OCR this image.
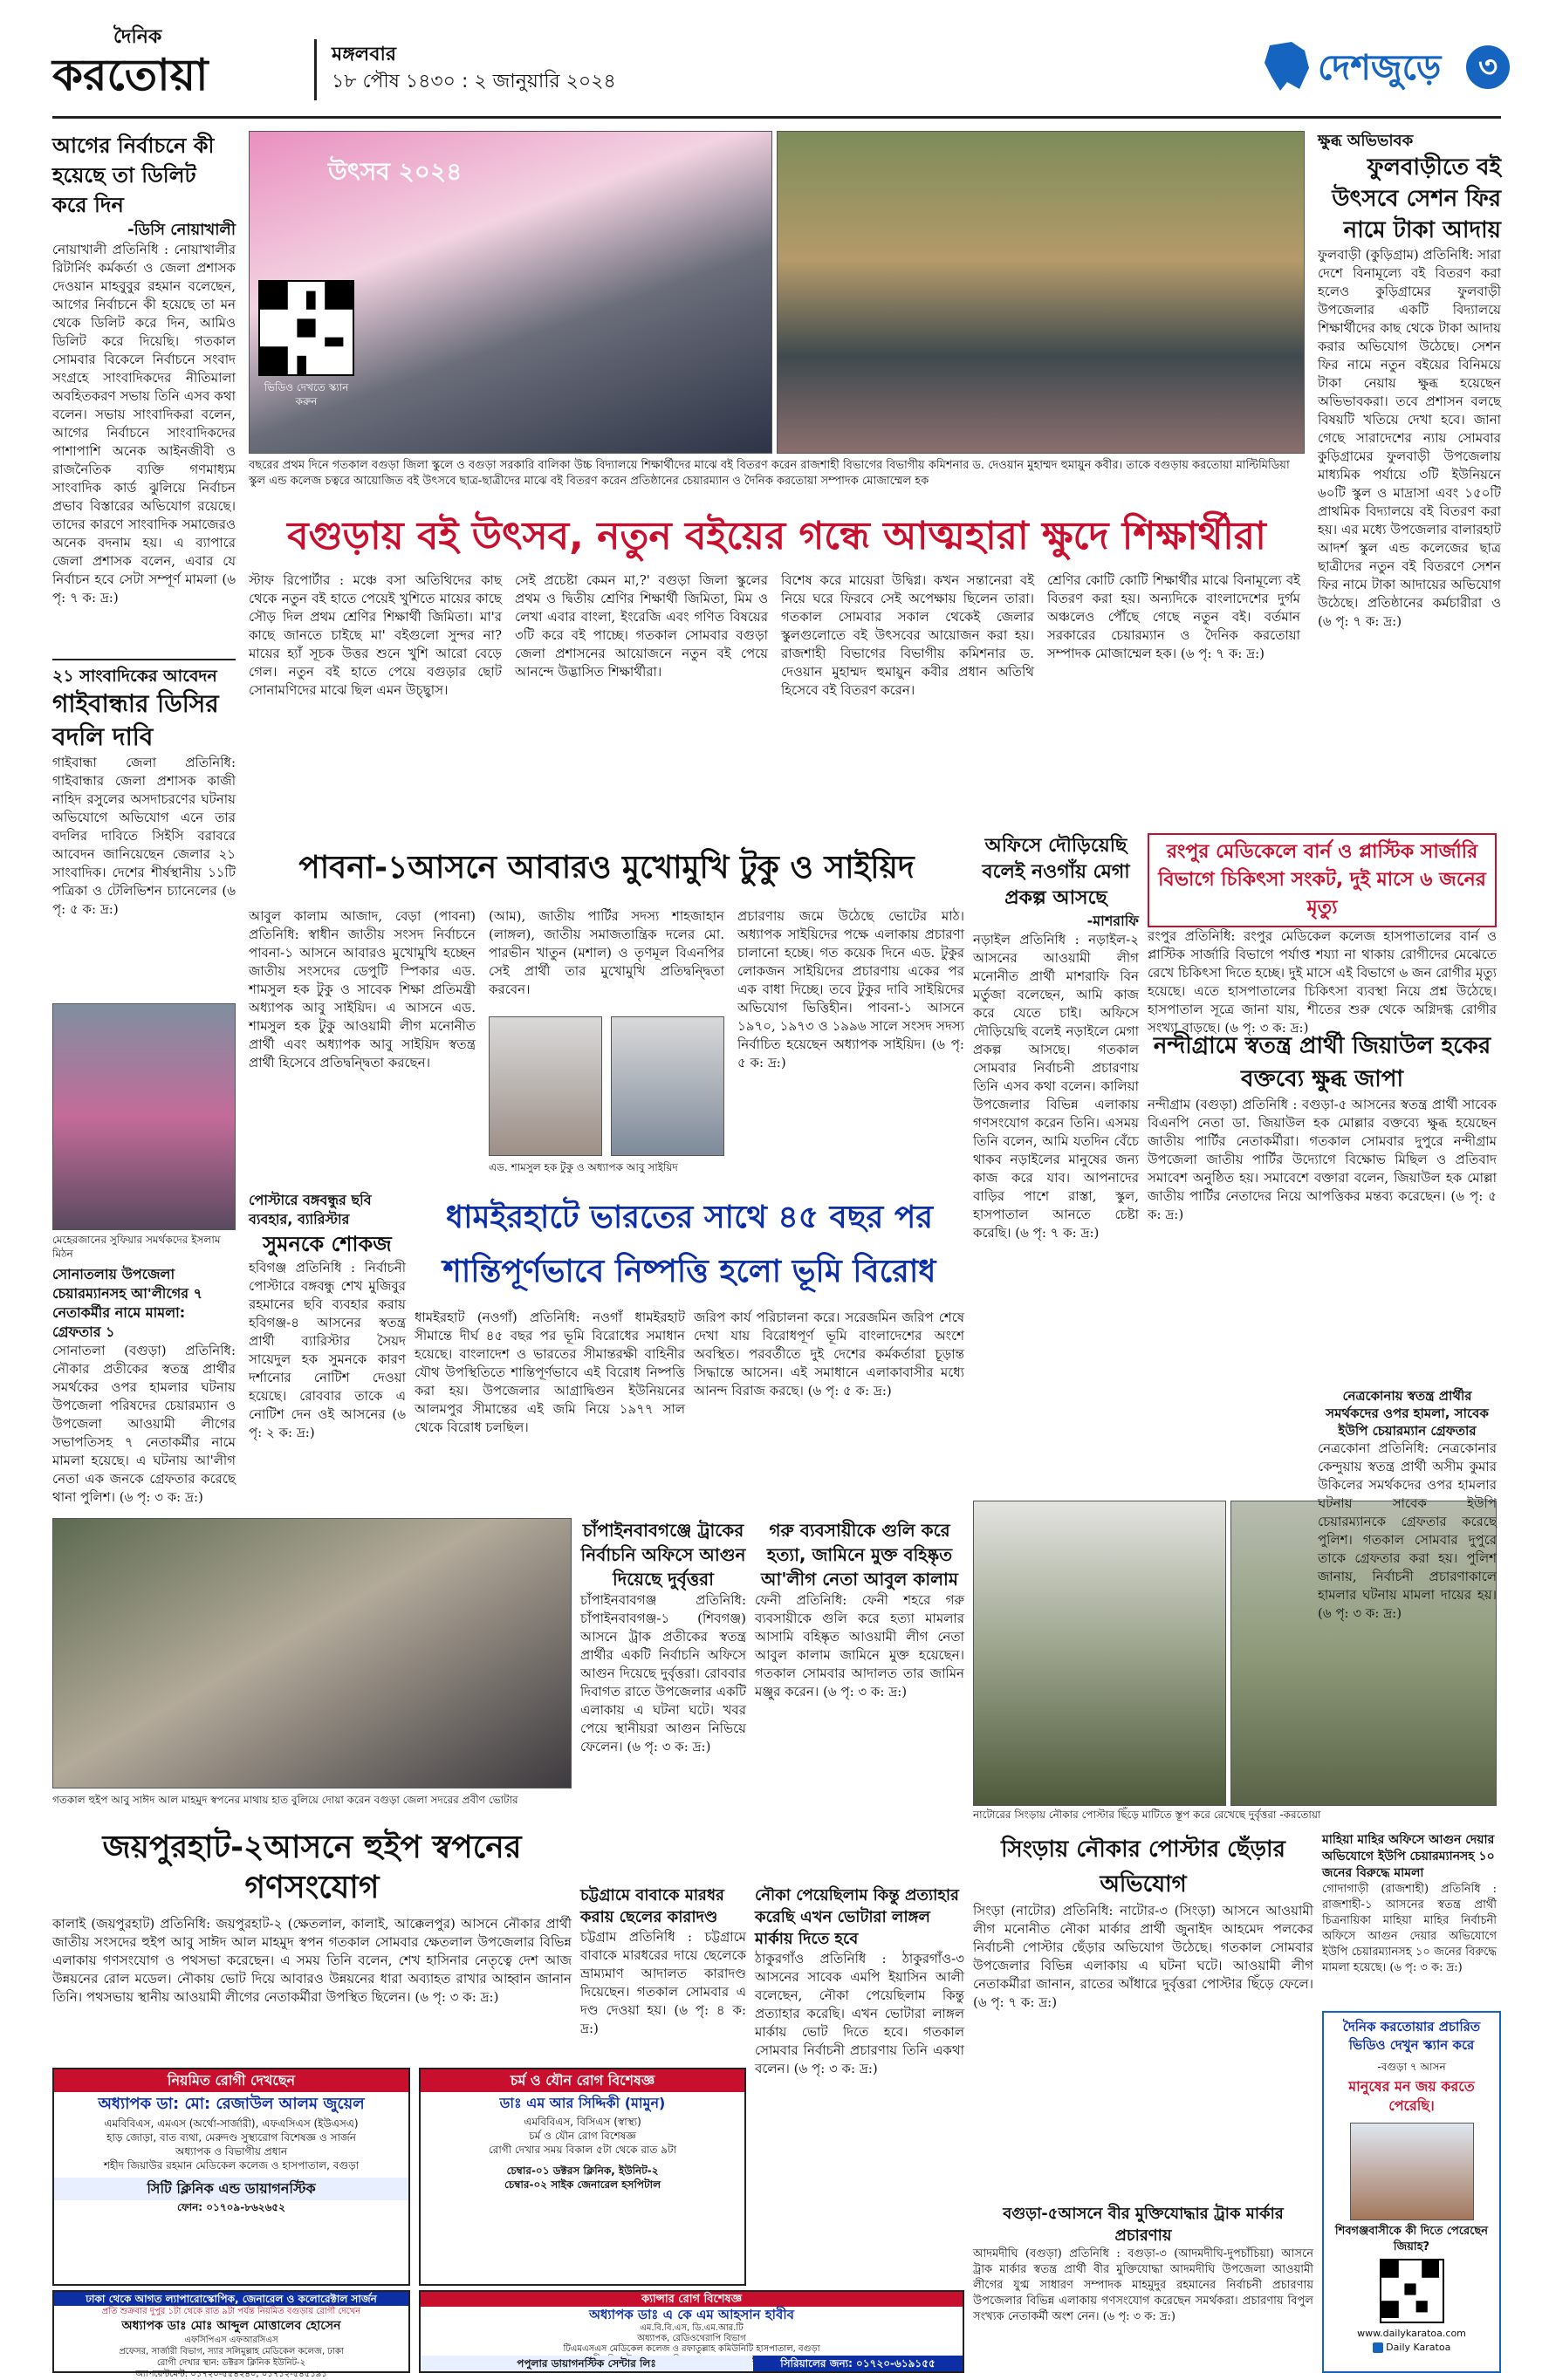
দৈনিক
করতোয়া	মঙ্গলবার
১৮ পৌষ ১৪৩০ : ২ জানুয়ারি ২০২৪	দেশজুড়ে	৩
আগের নির্বাচনে কী হয়েছে তা ডিলিট করে দিন
-ডিসি নোয়াখালী
নোয়াখালী প্রতিনিধি : নোয়াখালীর রিটার্নিং কর্মকর্তা ও জেলা প্রশাসক দেওয়ান মাহবুবুর রহমান বলেছেন, আগের নির্বাচনে কী হয়েছে তা মন থেকে ডিলিট করে দিন, আমিও ডিলিট করে দিয়েছি। গতকাল সোমবার বিকেলে নির্বাচনে সংবাদ সংগ্রহে সাংবাদিকদের নীতিমালা অবহিতকরণ সভায় তিনি এসব কথা বলেন। সভায় সাংবাদিকরা বলেন, আগের নির্বাচনে সাংবাদিকদের পাশাপাশি অনেক আইনজীবী ও রাজনৈতিক ব্যক্তি গণমাধ্যম সাংবাদিক কার্ড ঝুলিয়ে নির্বাচন প্রভাব বিস্তারের অভিযোগ রয়েছে। তাদের কারণে সাংবাদিক সমাজেরও অনেক বদনাম হয়। এ ব্যাপারে জেলা প্রশাসক বলেন, এবার যে নির্বাচন হবে সেটা সম্পূর্ণ মামলা (৬ পৃ: ৭ ক: দ্র:)
২১ সাংবাদিকের আবেদন
গাইবান্ধার ডিসির বদলি দাবি
গাইবান্ধা জেলা প্রতিনিধি: গাইবান্ধার জেলা প্রশাসক কাজী নাহিদ রসুলের অসদাচরণের ঘটনায় অভিযোগে অভিযোগ এনে তার বদলির দাবিতে সিইসি বরাবরে আবেদন জানিয়েছেন জেলার ২১ সাংবাদিক। দেশের শীর্ষস্থানীয় ১১টি পত্রিকা ও টেলিভিশন চ্যানেলের (৬ পৃ: ৫ ক: দ্র:)
উৎসব ২০২৪
ভিডিও দেখতে স্ক্যান করুন
বছরের প্রথম দিনে গতকাল বগুড়া জিলা স্কুলে ও বগুড়া সরকারি বালিকা উচ্চ বিদ্যালয়ে শিক্ষার্থীদের মাঝে বই বিতরণ করেন রাজশাহী বিভাগের বিভাগীয় কমিশনার ড. দেওয়ান মুহাম্মদ হুমায়ুন কবীর। তাকে বগুড়ায় করতোয়া মাল্টিমিডিয়া স্কুল এন্ড কলেজ চত্বরে আয়োজিত বই উৎসবে ছাত্র-ছাত্রীদের মাঝে বই বিতরণ করেন প্রতিষ্ঠানের চেয়ারম্যান ও দৈনিক করতোয়া সম্পাদক মোজাম্মেল হক
বগুড়ায় বই উৎসব, নতুন বইয়ের গন্ধে আত্মহারা ক্ষুদে শিক্ষার্থীরা
স্টাফ রিপোর্টার : মঞ্চে বসা অতিথিদের কাছ থেকে নতুন বই হাতে পেয়েই খুশিতে মায়ের কাছে সৌড় দিল প্রথম শ্রেণির শিক্ষার্থী জিমিতা। মা'র কাছে জানতে চাইছে মা' বইগুলো সুন্দর না? মায়ের হ্যাঁ সূচক উত্তর শুনে খুশি আরো বেড়ে গেল। নতুন বই হাতে পেয়ে বগুড়ার ছোট সোনামণিদের মাঝে ছিল এমন উচ্ছ্বাস।
সেই প্রচেষ্টা কেমন মা,?' বগুড়া জিলা স্কুলের প্রথম ও দ্বিতীয় শ্রেণির শিক্ষার্থী জিমিতা, মিম ও লেখা এবার বাংলা, ইংরেজি এবং গণিত বিষয়ের ৩টি করে বই পাচ্ছে। গতকাল সোমবার বগুড়া জেলা প্রশাসনের আয়োজনে নতুন বই পেয়ে আনন্দে উদ্ভাসিত শিক্ষার্থীরা।
বিশেষ করে মায়েরা উদ্বিগ্ন। কখন সন্তানেরা বই নিয়ে ঘরে ফিরবে সেই অপেক্ষায় ছিলেন তারা। গতকাল সোমবার সকাল থেকেই জেলার স্কুলগুলোতে বই উৎসবের আয়োজন করা হয়। রাজশাহী বিভাগের বিভাগীয় কমিশনার ড. দেওয়ান মুহাম্মদ হুমায়ুন কবীর প্রধান অতিথি হিসেবে বই বিতরণ করেন।
শ্রেণির কোটি কোটি শিক্ষার্থীর মাঝে বিনামূল্যে বই বিতরণ করা হয়। অন্যদিকে বাংলাদেশের দুর্গম অঞ্চলেও পৌঁছে গেছে নতুন বই। বর্তমান সরকারের চেয়ারম্যান ও দৈনিক করতোয়া সম্পাদক মোজাম্মেল হক। (৬ পৃ: ৭ ক: দ্র:)
ক্ষুব্ধ অভিভাবক
ফুলবাড়ীতে বই উৎসবে সেশন ফির নামে টাকা আদায়
ফুলবাড়ী (কুড়িগ্রাম) প্রতিনিধি: সারা দেশে বিনামূল্যে বই বিতরণ করা হলেও কুড়িগ্রামের ফুলবাড়ী উপজেলার একটি বিদ্যালয়ে শিক্ষার্থীদের কাছ থেকে টাকা আদায় করার অভিযোগ উঠেছে। সেশন ফির নামে নতুন বইয়ের বিনিময়ে টাকা নেয়ায় ক্ষুব্ধ হয়েছেন অভিভাবকরা। তবে প্রশাসন বলছে বিষয়টি খতিয়ে দেখা হবে। জানা গেছে সারাদেশের ন্যায় সোমবার কুড়িগ্রামের ফুলবাড়ী উপজেলায় মাধ্যমিক পর্যায়ে ৩টি ইউনিয়নে ৬০টি স্কুল ও মাদ্রাসা এবং ১৫০টি প্রাথমিক বিদ্যালয়ে বই বিতরণ করা হয়। এর মধ্যে উপজেলার বালারহাট আদর্শ স্কুল এন্ড কলেজের ছাত্র ছাত্রীদের নতুন বই বিতরণে সেশন ফির নামে টাকা আদায়ের অভিযোগ উঠেছে। প্রতিষ্ঠানের কর্মচারীরা ও (৬ পৃ: ৭ ক: দ্র:)
পাবনা-১আসনে আবারও মুখোমুখি টুকু ও সাইয়িদ
মেহেরজানের সুফিয়ার সমর্থকদের ইসলাম মিঠন
আবুল কালাম আজাদ, বেড়া (পাবনা) প্রতিনিধি: স্বাধীন জাতীয় সংসদ নির্বাচনে পাবনা-১ আসনে আবারও মুখোমুখি হচ্ছেন জাতীয় সংসদের ডেপুটি স্পিকার এড. শামসুল হক টুকু ও সাবেক শিক্ষা প্রতিমন্ত্রী অধ্যাপক আবু সাইয়িদ। এ আসনে এড. শামসুল হক টুকু আওয়ামী লীগ মনোনীত প্রার্থী এবং অধ্যাপক আবু সাইয়িদ স্বতন্ত্র প্রার্থী হিসেবে প্রতিদ্বন্দ্বিতা করছেন।
(আম), জাতীয় পার্টির সদস্য শাহজাহান (লাঙ্গল), জাতীয় সমাজতান্ত্রিক দলের মো. পারভীন খাতুন (মশাল) ও তৃণমূল বিএনপির সেই প্রার্থী তার মুখোমুখি প্রতিদ্বন্দ্বিতা করবেন।
এড. শামসুল হক টুকু ও অধ্যাপক আবু সাইয়িদ
প্রচারণায় জমে উঠেছে ভোটের মাঠ। অধ্যাপক সাইয়িদের পক্ষে এলাকায় প্রচারণা চালানো হচ্ছে। গত কয়েক দিনে এড. টুকুর লোকজন সাইয়িদের প্রচারণায় একের পর এক বাধা দিচ্ছে। তবে টুকুর দাবি সাইয়িদের অভিযোগ ভিত্তিহীন। পাবনা-১ আসনে ১৯৭০, ১৯৭৩ ও ১৯৯৬ সালে সংসদ সদস্য নির্বাচিত হয়েছেন অধ্যাপক সাইয়িদ। (৬ পৃ: ৫ ক: দ্র:)
অফিসে দৌড়িয়েছি বলেই নওগাঁয় মেগা প্রকল্প আসছে
-মাশরাফি
নড়াইল প্রতিনিধি : নড়াইল-২ আসনের আওয়ামী লীগ মনোনীত প্রার্থী মাশরাফি বিন মর্তুজা বলেছেন, আমি কাজ করে যেতে চাই। অফিসে দৌড়িয়েছি বলেই নড়াইলে মেগা প্রকল্প আসছে। গতকাল সোমবার নির্বাচনী প্রচারণায় তিনি এসব কথা বলেন। কালিয়া উপজেলার বিভিন্ন এলাকায় গণসংযোগ করেন তিনি। এসময় তিনি বলেন, আমি যতদিন বেঁচে থাকব নড়াইলের মানুষের জন্য কাজ করে যাব। আপনাদের বাড়ির পাশে রাস্তা, স্কুল, হাসপাতাল আনতে চেষ্টা করেছি। (৬ পৃ: ৭ ক: দ্র:)
রংপুর মেডিকেলে বার্ন ও প্লাস্টিক সার্জারি বিভাগে চিকিৎসা সংকট, দুই মাসে ৬ জনের মৃত্যু
রংপুর প্রতিনিধি: রংপুর মেডিকেল কলেজ হাসপাতালের বার্ন ও প্লাস্টিক সার্জারি বিভাগে পর্যাপ্ত শয্যা না থাকায় রোগীদের মেঝেতে রেখে চিকিৎসা দিতে হচ্ছে। দুই মাসে এই বিভাগে ৬ জন রোগীর মৃত্যু হয়েছে। এতে হাসপাতালের চিকিৎসা ব্যবস্থা নিয়ে প্রশ্ন উঠেছে। হাসপাতাল সূত্রে জানা যায়, শীতের শুরু থেকে অগ্নিদগ্ধ রোগীর সংখ্যা বাড়ছে। (৬ পৃ: ৩ ক: দ্র:)
সোনাতলায় উপজেলা চেয়ারম্যানসহ আ'লীগের ৭ নেতাকর্মীর নামে মামলা: গ্রেফতার ১
সোনাতলা (বগুড়া) প্রতিনিধি: নৌকার প্রতীকের স্বতন্ত্র প্রার্থীর সমর্থকের ওপর হামলার ঘটনায় উপজেলা পরিষদের চেয়ারম্যান ও উপজেলা আওয়ামী লীগের সভাপতিসহ ৭ নেতাকর্মীর নামে মামলা হয়েছে। এ ঘটনায় আ'লীগ নেতা এক জনকে গ্রেফতার করেছে থানা পুলিশ। (৬ পৃ: ৩ ক: দ্র:)
পোস্টারে বঙ্গবন্ধুর ছবি ব্যবহার, ব্যারিস্টার
সুমনকে শোকজ
হবিগঞ্জ প্রতিনিধি : নির্বাচনী পোস্টারে বঙ্গবন্ধু শেখ মুজিবুর রহমানের ছবি ব্যবহার করায় হবিগঞ্জ-৪ আসনের স্বতন্ত্র প্রার্থী ব্যারিস্টার সৈয়দ সায়েদুল হক সুমনকে কারণ দর্শানোর নোটিশ দেওয়া হয়েছে। রোববার তাকে এ নোটিশ দেন ওই আসনের (৬ পৃ: ২ ক: দ্র:)
ধামইরহাটে ভারতের সাথে ৪৫ বছর পর শান্তিপূর্ণভাবে নিষ্পত্তি হলো ভূমি বিরোধ
ধামইরহাট (নওগাঁ) প্রতিনিধি: নওগাঁ ধামইরহাট সীমান্তে দীর্ঘ ৪৫ বছর পর ভূমি বিরোধের সমাধান হয়েছে। বাংলাদেশ ও ভারতের সীমান্তরক্ষী বাহিনীর যৌথ উপস্থিতিতে শান্তিপূর্ণভাবে এই বিরোধ নিষ্পত্তি করা হয়। উপজেলার আগ্রাদ্বিগুন ইউনিয়নের আলমপুর সীমান্তের এই জমি নিয়ে ১৯৭৭ সাল থেকে বিরোধ চলছিল।
জরিপ কার্য পরিচালনা করে। সরেজমিন জরিপ শেষে দেখা যায় বিরোধপূর্ণ ভূমি বাংলাদেশের অংশে অবস্থিত। পরবর্তীতে দুই দেশের কর্মকর্তারা চূড়ান্ত সিদ্ধান্তে আসেন। এই সমাধানে এলাকাবাসীর মধ্যে আনন্দ বিরাজ করছে। (৬ পৃ: ৫ ক: দ্র:)
নন্দীগ্রামে স্বতন্ত্র প্রার্থী জিয়াউল হকের বক্তব্যে ক্ষুব্ধ জাপা
নন্দীগ্রাম (বগুড়া) প্রতিনিধি : বগুড়া-৫ আসনের স্বতন্ত্র প্রার্থী সাবেক বিএনপি নেতা ডা. জিয়াউল হক মোল্লার বক্তব্যে ক্ষুব্ধ হয়েছেন জাতীয় পার্টির নেতাকর্মীরা। গতকাল সোমবার দুপুরে নন্দীগ্রাম উপজেলা জাতীয় পার্টির উদ্যোগে বিক্ষোভ মিছিল ও প্রতিবাদ সমাবেশ অনুষ্ঠিত হয়। সমাবেশে বক্তারা বলেন, জিয়াউল হক মোল্লা জাতীয় পার্টির নেতাদের নিয়ে আপত্তিকর মন্তব্য করেছেন। (৬ পৃ: ৫ ক: দ্র:)
গতকাল হুইপ আবু সাঈদ আল মাহমুদ স্বপনের মাথায় হাত বুলিয়ে দোয়া করেন বগুড়া জেলা সদরের প্রবীণ ভোটার
জয়পুরহাট-২আসনে হুইপ স্বপনের গণসংযোগ
কালাই (জয়পুরহাট) প্রতিনিধি: জয়পুরহাট-২ (ক্ষেতলাল, কালাই, আক্কেলপুর) আসনে নৌকার প্রার্থী জাতীয় সংসদের হুইপ আবু সাঈদ আল মাহমুদ স্বপন গতকাল সোমবার ক্ষেতলাল উপজেলার বিভিন্ন এলাকায় গণসংযোগ ও পথসভা করেছেন। এ সময় তিনি বলেন, শেখ হাসিনার নেতৃত্বে দেশ আজ উন্নয়নের রোল মডেল। নৌকায় ভোট দিয়ে আবারও উন্নয়নের ধারা অব্যাহত রাখার আহ্বান জানান তিনি। পথসভায় স্থানীয় আওয়ামী লীগের নেতাকর্মীরা উপস্থিত ছিলেন। (৬ পৃ: ৩ ক: দ্র:)
চাঁপাইনবাবগঞ্জে ট্রাকের নির্বাচনি অফিসে আগুন দিয়েছে দুর্বৃত্তরা
চাঁপাইনবাবগঞ্জ প্রতিনিধি: চাঁপাইনবাবগঞ্জ-১ (শিবগঞ্জ) আসনে ট্রাক প্রতীকের স্বতন্ত্র প্রার্থীর একটি নির্বাচনি অফিসে আগুন দিয়েছে দুর্বৃত্তরা। রোববার দিবাগত রাতে উপজেলার একটি এলাকায় এ ঘটনা ঘটে। খবর পেয়ে স্থানীয়রা আগুন নিভিয়ে ফেলেন। (৬ পৃ: ৩ ক: দ্র:)
গরু ব্যবসায়ীকে গুলি করে হত্যা, জামিনে মুক্ত বহিষ্কৃত আ'লীগ নেতা আবুল কালাম
ফেনী প্রতিনিধি: ফেনী শহরে গরু ব্যবসায়ীকে গুলি করে হত্যা মামলার আসামি বহিষ্কৃত আওয়ামী লীগ নেতা আবুল কালাম জামিনে মুক্ত হয়েছেন। গতকাল সোমবার আদালত তার জামিন মঞ্জুর করেন। (৬ পৃ: ৩ ক: দ্র:)
নাটোরের সিংড়ায় নৌকার পোস্টার ছিঁড়ে মাটিতে স্তূপ করে রেখেছে দুর্বৃত্তরা -করতোয়া
নেত্রকোনায় স্বতন্ত্র প্রার্থীর সমর্থকদের ওপর হামলা, সাবেক ইউপি চেয়ারম্যান গ্রেফতার
নেত্রকোনা প্রতিনিধি: নেত্রকোনার কেন্দুয়ায় স্বতন্ত্র প্রার্থী অসীম কুমার উকিলের সমর্থকদের ওপর হামলার ঘটনায় সাবেক ইউপি চেয়ারম্যানকে গ্রেফতার করেছে পুলিশ। গতকাল সোমবার দুপুরে তাকে গ্রেফতার করা হয়। পুলিশ জানায়, নির্বাচনী প্রচারণাকালে হামলার ঘটনায় মামলা দায়ের হয়। (৬ পৃ: ৩ ক: দ্র:)
চট্টগ্রামে বাবাকে মারধর করায় ছেলের কারাদণ্ড
চট্টগ্রাম প্রতিনিধি : চট্টগ্রামে বাবাকে মারধরের দায়ে ছেলেকে ভ্রাম্যমাণ আদালত কারাদণ্ড দিয়েছেন। গতকাল সোমবার এ দণ্ড দেওয়া হয়। (৬ পৃ: ৪ ক: দ্র:)
নৌকা পেয়েছিলাম কিন্তু প্রত্যাহার করেছি এখন ভোটারা লাঙ্গল মার্কায় দিতে হবে
ঠাকুরগাঁও প্রতিনিধি : ঠাকুরগাঁও-৩ আসনের সাবেক এমপি ইয়াসিন আলী বলেছেন, নৌকা পেয়েছিলাম কিন্তু প্রত্যাহার করেছি। এখন ভোটারা লাঙ্গল মার্কায় ভোট দিতে হবে। গতকাল সোমবার নির্বাচনী প্রচারণায় তিনি একথা বলেন। (৬ পৃ: ৩ ক: দ্র:)
সিংড়ায় নৌকার পোস্টার ছেঁড়ার অভিযোগ
সিংড়া (নাটোর) প্রতিনিধি: নাটোর-৩ (সিংড়া) আসনে আওয়ামী লীগ মনোনীত নৌকা মার্কার প্রার্থী জুনাইদ আহমেদ পলকের নির্বাচনী পোস্টার ছেঁড়ার অভিযোগ উঠেছে। গতকাল সোমবার উপজেলার বিভিন্ন এলাকায় এ ঘটনা ঘটে। আওয়ামী লীগ নেতাকর্মীরা জানান, রাতের আঁধারে দুর্বৃত্তরা পোস্টার ছিঁড়ে ফেলে। (৬ পৃ: ৭ ক: দ্র:)
মাহিয়া মাহির অফিসে আগুন দেয়ার অভিযোগে ইউপি চেয়ারম্যানসহ ১০ জনের বিরুদ্ধে মামলা
গোদাগাড়ী (রাজশাহী) প্রতিনিধি : রাজশাহী-১ আসনের স্বতন্ত্র প্রার্থী চিত্রনায়িকা মাহিয়া মাহির নির্বাচনী অফিসে আগুন দেয়ার অভিযোগে ইউপি চেয়ারম্যানসহ ১০ জনের বিরুদ্ধে মামলা হয়েছে। (৬ পৃ: ৩ ক: দ্র:)
বগুড়া-৫আসনে বীর মুক্তিযোদ্ধার ট্রাক মার্কার প্রচারণায়
আদমদীঘি (বগুড়া) প্রতিনিধি : বগুড়া-৩ (আদমদীঘি-দুপচাঁচিয়া) আসনে ট্রাক মার্কার স্বতন্ত্র প্রার্থী বীর মুক্তিযোদ্ধা আদমদীঘি উপজেলা আওয়ামী লীগের যুগ্ম সাধারণ সম্পাদক মাহমুদুর রহমানের নির্বাচনী প্রচারণায় উপজেলার বিভিন্ন এলাকায় গণসংযোগ করেছেন সমর্থকরা। প্রচারণায় বিপুল সংখ্যক নেতাকর্মী অংশ নেন। (৬ পৃ: ৩ ক: দ্র:)
নিয়মিত রোগী দেখছেন
অধ্যাপক ডা: মো: রেজাউল আলম জুয়েল
এমবিবিএস, এমএস (অর্থো-সার্জারী), এফএসিএস (ইউএসএ)
হাড় জোড়া, বাত ব্যথা, মেরুদণ্ড সুস্থ্যরোগ বিশেষজ্ঞ ও সার্জন
অধ্যাপক ও বিভাগীয় প্রধান
শহীদ জিয়াউর রহমান মেডিকেল কলেজ ও হাসপাতাল, বগুড়া
সিটি ক্লিনিক এন্ড ডায়াগনস্টিক
ফোন: ০১৭০৯-৮৬২৬৫২
চর্ম ও যৌন রোগ বিশেষজ্ঞ
ডাঃ এম আর সিদ্দিকী (মামুন)
এমবিবিএস, বিসিএস (স্বাস্থ্য)
চর্ম ও যৌন রোগ বিশেষজ্ঞ
রোগী দেখার সময় বিকাল ৫টা থেকে রাত ৯টা
চেম্বার-০১ ডক্টরস ক্লিনিক, ইউনিট-২
চেম্বার-০২ সাইক জেনারেল হসপিটাল
ঢাকা থেকে আগত ল্যাপারোস্কোপিক, জেনারেল ও কলোরেক্টাল সার্জন
প্রতি শুক্রবার দুপুর ১টা থেকে রাত ৯টা পর্যন্ত নিয়মিত বগুড়ায় রোগী দেখেন
অধ্যাপক ডাঃ মোঃ আব্দুল মোত্তালেব হোসেন
এফসিপিএস এফআরসিএস
প্রফেসর, সার্জারী বিভাগ, স্যার সলিমুল্লাহ মেডিকেল কলেজ, ঢাকা
রোগী দেখার স্থান: ডক্টরস ক্লিনিক ইউনিট-২
অ্যাপয়েন্টমেন্ট: ০১৭২০-৫৫৪২৪০, ০১৭১২-৫৪৫১৯১
ক্যান্সার রোগ বিশেষজ্ঞ
অধ্যাপক ডাঃ এ কে এম আহসান হাবীব
এম.বি.বি.এস, ডি.এম.আর.টি
অধ্যাপক, রেডিওথেরাপি বিভাগ
টিএমএসএস মেডিকেল কলেজ ও রফাতুল্লাহ কমিউনিটি হাসপাতাল, বগুড়া
পপুলার ডায়াগনস্টিক সেন্টার লিঃ	সিরিয়ালের জন্য: ০১৭২০-৬১৯১৫৫
দৈনিক করতোয়ার প্রচারিত ভিডিও দেখুন স্ক্যান করে
-বগুড়া ৭ আসন
মানুষের মন জয় করতে পেরেছি।
শিবগঞ্জবাসীকে কী দিতে পেরেছেন জিয়াহ?
www.dailykaratoa.com
Daily Karatoa
